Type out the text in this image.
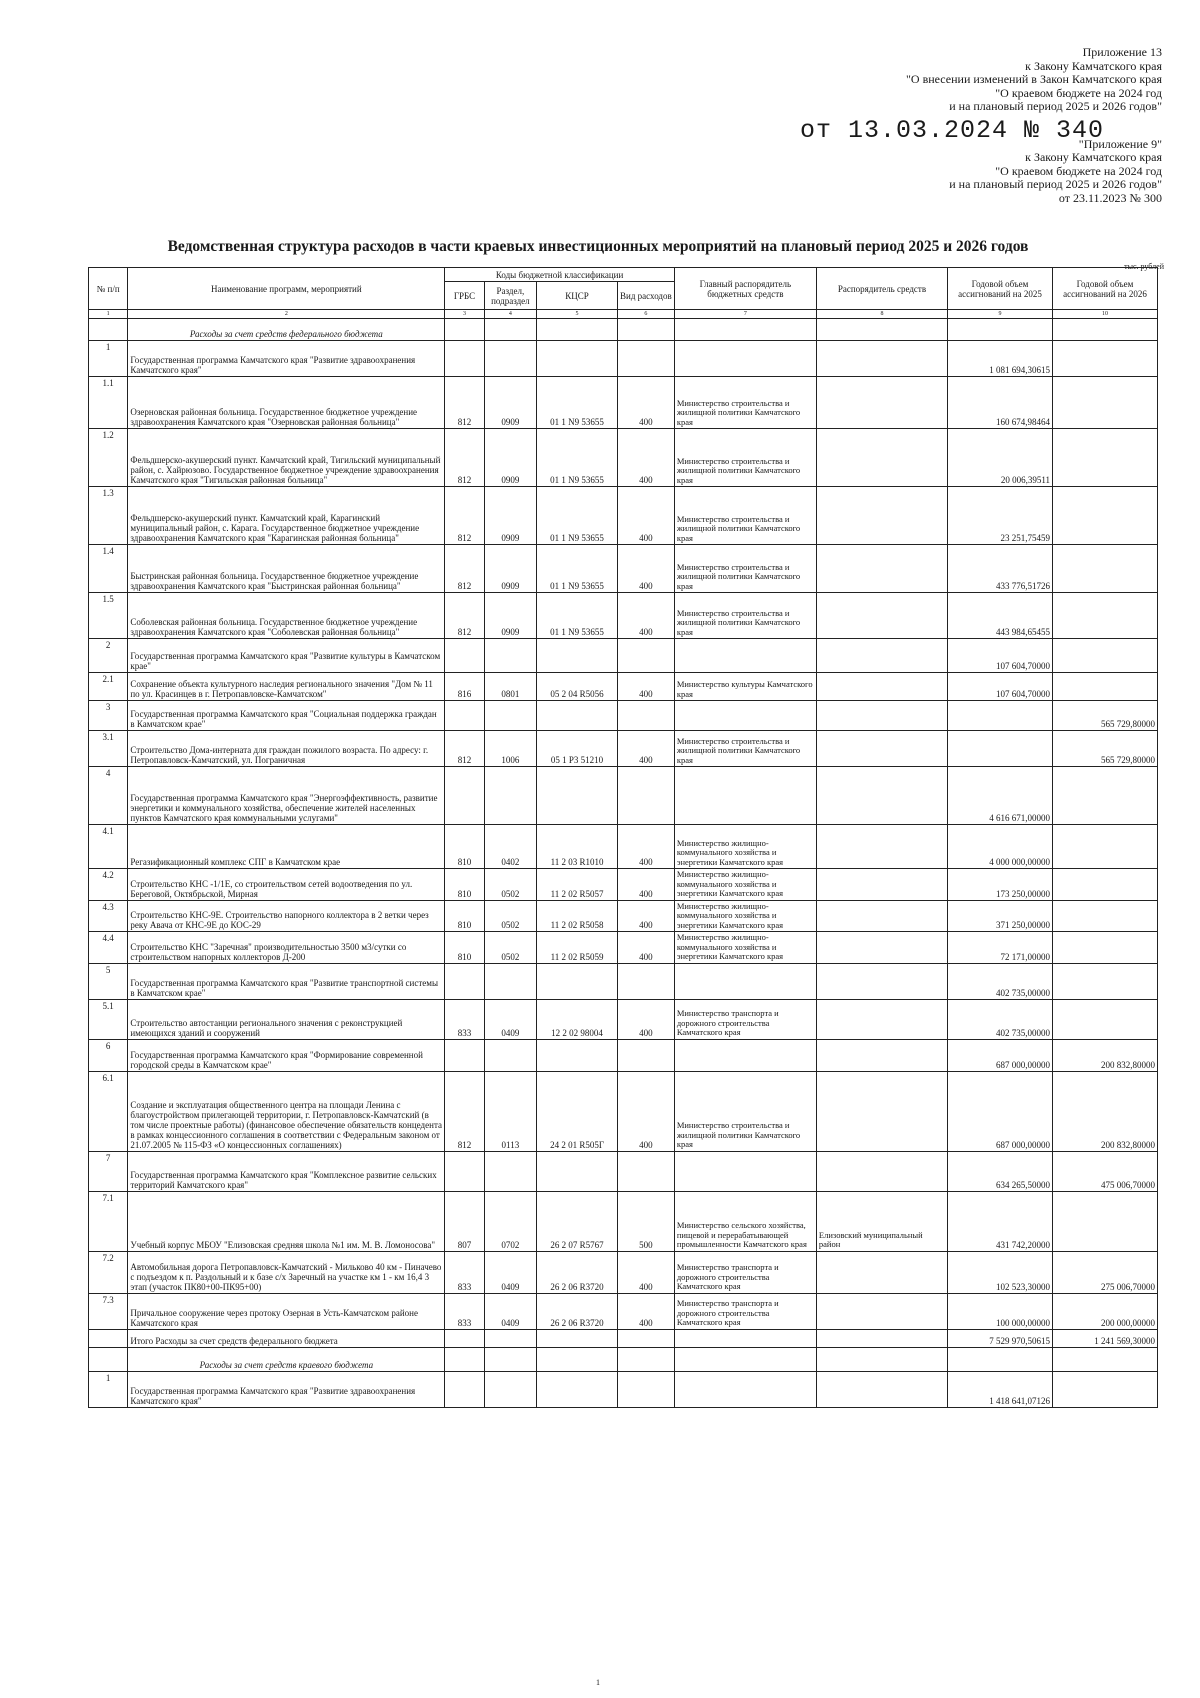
Приложение 13
к Закону Камчатского края
"О внесении изменений в Закон Камчатского края
"О краевом бюджете на 2024 год
и на плановый период 2025 и 2026 годов"
от 13.03.2024 № 340
"Приложение 9"
к Закону Камчатского края
"О краевом бюджете на 2024 год
и на плановый период 2025 и 2026 годов"
от 23.11.2023 № 300
Ведомственная структура расходов в части краевых инвестиционных мероприятий на плановый период 2025 и 2026 годов
тыс. рублей
№ п/п	Наименование программ, мероприятий	Коды бюджетной классификации				Главный распорядитель бюджетных средств	Распорядитель средств	Годовой объем ассигнований на 2025	Годовой объем ассигнований на 2026
		ГРБС	Раздел, подраздел	КЦСР	Вид расходов				
1	2	3	4	5	6	7	8	9	10
	Расходы за счет средств федерального бюджета								
1	Государственная программа Камчатского края "Развитие здравоохранения Камчатского края"							1 081 694,30615	
1.1	Озерновская районная больница. Государственное бюджетное учреждение здравоохранения Камчатского края "Озерновская районная больница"	812	0909	01 1 N9 53655	400	Министерство строительства и жилищной политики Камчатского края		160 674,98464	
1.2	Фельдшерско-акушерский пункт. Камчатский край, Тигильский муниципальный район, с. Хайрюзово. Государственное бюджетное учреждение здравоохранения Камчатского края "Тигильская районная больница"	812	0909	01 1 N9 53655	400	Министерство строительства и жилищной политики Камчатского края		20 006,39511	
1.3	Фельдшерско-акушерский пункт. Камчатский край, Карагинский муниципальный район, с. Карага. Государственное бюджетное учреждение здравоохранения Камчатского края "Карагинская районная больница"	812	0909	01 1 N9 53655	400	Министерство строительства и жилищной политики Камчатского края		23 251,75459	
1.4	Быстринская районная больница. Государственное бюджетное учреждение здравоохранения Камчатского края "Быстринская районная больница"	812	0909	01 1 N9 53655	400	Министерство строительства и жилищной политики Камчатского края		433 776,51726	
1.5	Соболевская районная больница. Государственное бюджетное учреждение здравоохранения Камчатского края "Соболевская районная больница"	812	0909	01 1 N9 53655	400	Министерство строительства и жилищной политики Камчатского края		443 984,65455	
2	Государственная программа Камчатского края "Развитие культуры в Камчатском крае"							107 604,70000	
2.1	Сохранение объекта культурного наследия регионального значения "Дом № 11 по ул. Красинцев в г. Петропавловске-Камчатском"	816	0801	05 2 04 R5056	400	Министерство культуры Камчатского края		107 604,70000	
3	Государственная программа Камчатского края "Социальная поддержка граждан в Камчатском крае"								565 729,80000
3.1	Строительство Дома-интерната для граждан пожилого возраста. По адресу: г. Петропавловск-Камчатский, ул. Пограничная	812	1006	05 1 P3 51210	400	Министерство строительства и жилищной политики Камчатского края			565 729,80000
4	Государственная программа Камчатского края "Энергоэффективность, развитие энергетики и коммунального хозяйства, обеспечение жителей населенных пунктов Камчатского края коммунальными услугами"							4 616 671,00000	
4.1	Регазификационный комплекс СПГ в Камчатском крае	810	0402	11 2 03 R1010	400	Министерство жилищно-коммунального хозяйства и энергетики Камчатского края		4 000 000,00000	
4.2	Строительство КНС -1/1Е, со строительством сетей водоотведения по ул. Береговой, Октябрьской, Мирная	810	0502	11 2 02 R5057	400	Министерство жилищно-коммунального хозяйства и энергетики Камчатского края		173 250,00000	
4.3	Строительство КНС-9Е. Строительство напорного коллектора в 2 ветки через реку Авача от КНС-9Е до КОС-29	810	0502	11 2 02 R5058	400	Министерство жилищно-коммунального хозяйства и энергетики Камчатского края		371 250,00000	
4.4	Строительство КНС "Заречная" производительностью 3500 м3/сутки со строительством напорных коллекторов Д-200	810	0502	11 2 02 R5059	400	Министерство жилищно-коммунального хозяйства и энергетики Камчатского края		72 171,00000	
5	Государственная программа Камчатского края "Развитие транспортной системы в Камчатском крае"							402 735,00000	
5.1	Строительство автостанции регионального значения с реконструкцией имеющихся зданий и сооружений	833	0409	12 2 02 98004	400	Министерство транспорта и дорожного строительства Камчатского края		402 735,00000	
6	Государственная программа Камчатского края "Формирование современной городской среды в Камчатском крае"							687 000,00000	200 832,80000
6.1	Создание и эксплуатация общественного центра на площади Ленина с благоустройством прилегающей территории, г. Петропавловск-Камчатский (в том числе проектные работы) (финансовое обеспечение обязательств концедента в рамках концессионного соглашения в соответствии с Федеральным законом от 21.07.2005 № 115-ФЗ «О концессионных соглашениях)	812	0113	24 2 01 R505Г	400	Министерство строительства и жилищной политики Камчатского края		687 000,00000	200 832,80000
7	Государственная программа Камчатского края "Комплексное развитие сельских территорий Камчатского края"							634 265,50000	475 006,70000
7.1	Учебный корпус МБОУ "Елизовская средняя школа №1 им. М. В. Ломоносова"	807	0702	26 2 07 R5767	500	Министерство сельского хозяйства, пищевой и перерабатывающей промышленности Камчатского края	Елизовский муниципальный район	431 742,20000	
7.2	Автомобильная дорога Петропавловск-Камчатский - Мильково 40 км - Пиначево с подъездом к п. Раздольный и к базе с/х Заречный на участке км 1 - км 16,4 3 этап (участок ПК80+00-ПК95+00)	833	0409	26 2 06 R3720	400	Министерство транспорта и дорожного строительства Камчатского края		102 523,30000	275 006,70000
7.3	Причальное сооружение через протоку Озерная в Усть-Камчатском районе Камчатского края	833	0409	26 2 06 R3720	400	Министерство транспорта и дорожного строительства Камчатского края		100 000,00000	200 000,00000
	Итого Расходы за счет средств федерального бюджета							7 529 970,50615	1 241 569,30000
	Расходы за счет средств краевого бюджета								
1	Государственная программа Камчатского края "Развитие здравоохранения Камчатского края"							1 418 641,07126	
1
